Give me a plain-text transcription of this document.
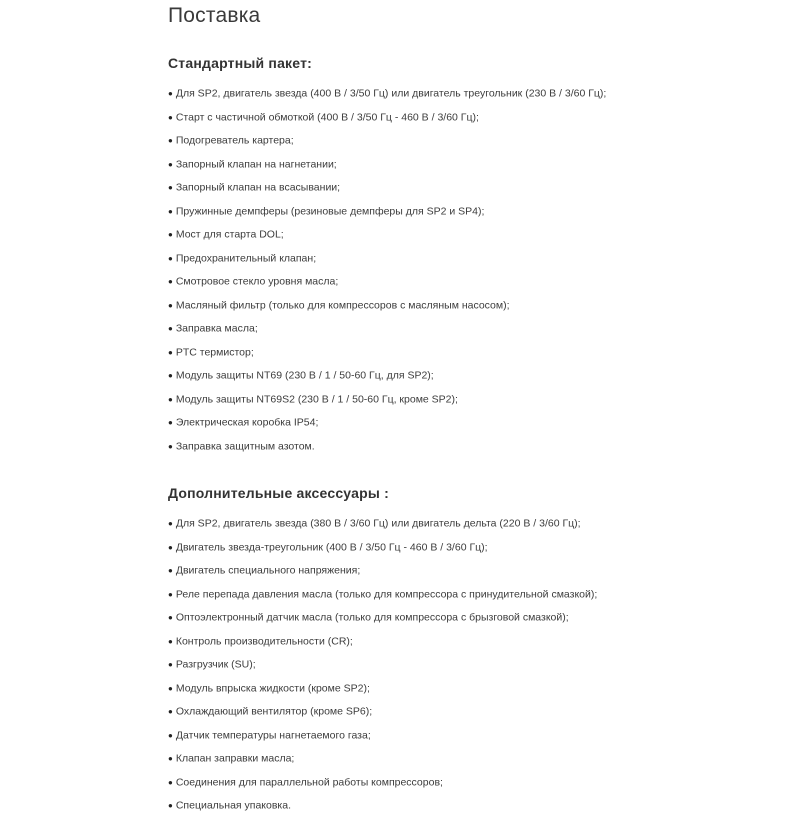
Поставка
Стандартный пакет:
● Для SP2, двигатель звезда (400 В / 3/50 Гц) или двигатель треугольник (230 В / 3/60 Гц);
● Старт с частичной обмоткой (400 В / 3/50 Гц - 460 В / 3/60 Гц);
● Подогреватель картера;
● Запорный клапан на нагнетании;
● Запорный клапан на всасывании;
● Пружинные демпферы (резиновые демпферы для SP2 и SP4);
● Мост для старта DOL;
● Предохранительный клапан;
● Смотровое стекло уровня масла;
● Масляный фильтр (только для компрессоров с масляным насосом);
● Заправка масла;
● PTC термистор;
● Модуль защиты NT69 (230 В / 1 / 50-60 Гц, для SP2);
● Модуль защиты NT69S2 (230 В / 1 / 50-60 Гц, кроме SP2);
● Электрическая коробка IP54;
● Заправка защитным азотом.
Дополнительные аксессуары :
● Для SP2, двигатель звезда (380 В / 3/60 Гц) или двигатель дельта (220 В / 3/60 Гц);
● Двигатель звезда-треугольник (400 В / 3/50 Гц - 460 В / 3/60 Гц);
● Двигатель специального напряжения;
● Реле перепада давления масла (только для компрессора с принудительной смазкой);
● Оптоэлектронный датчик масла (только для компрессора с брызговой смазкой);
● Контроль производительности (CR);
● Разгрузчик (SU);
● Модуль впрыска жидкости (кроме SP2);
● Охлаждающий вентилятор (кроме SP6);
● Датчик температуры нагнетаемого газа;
● Клапан заправки масла;
● Соединения для параллельной работы компрессоров;
● Специальная упаковка.
